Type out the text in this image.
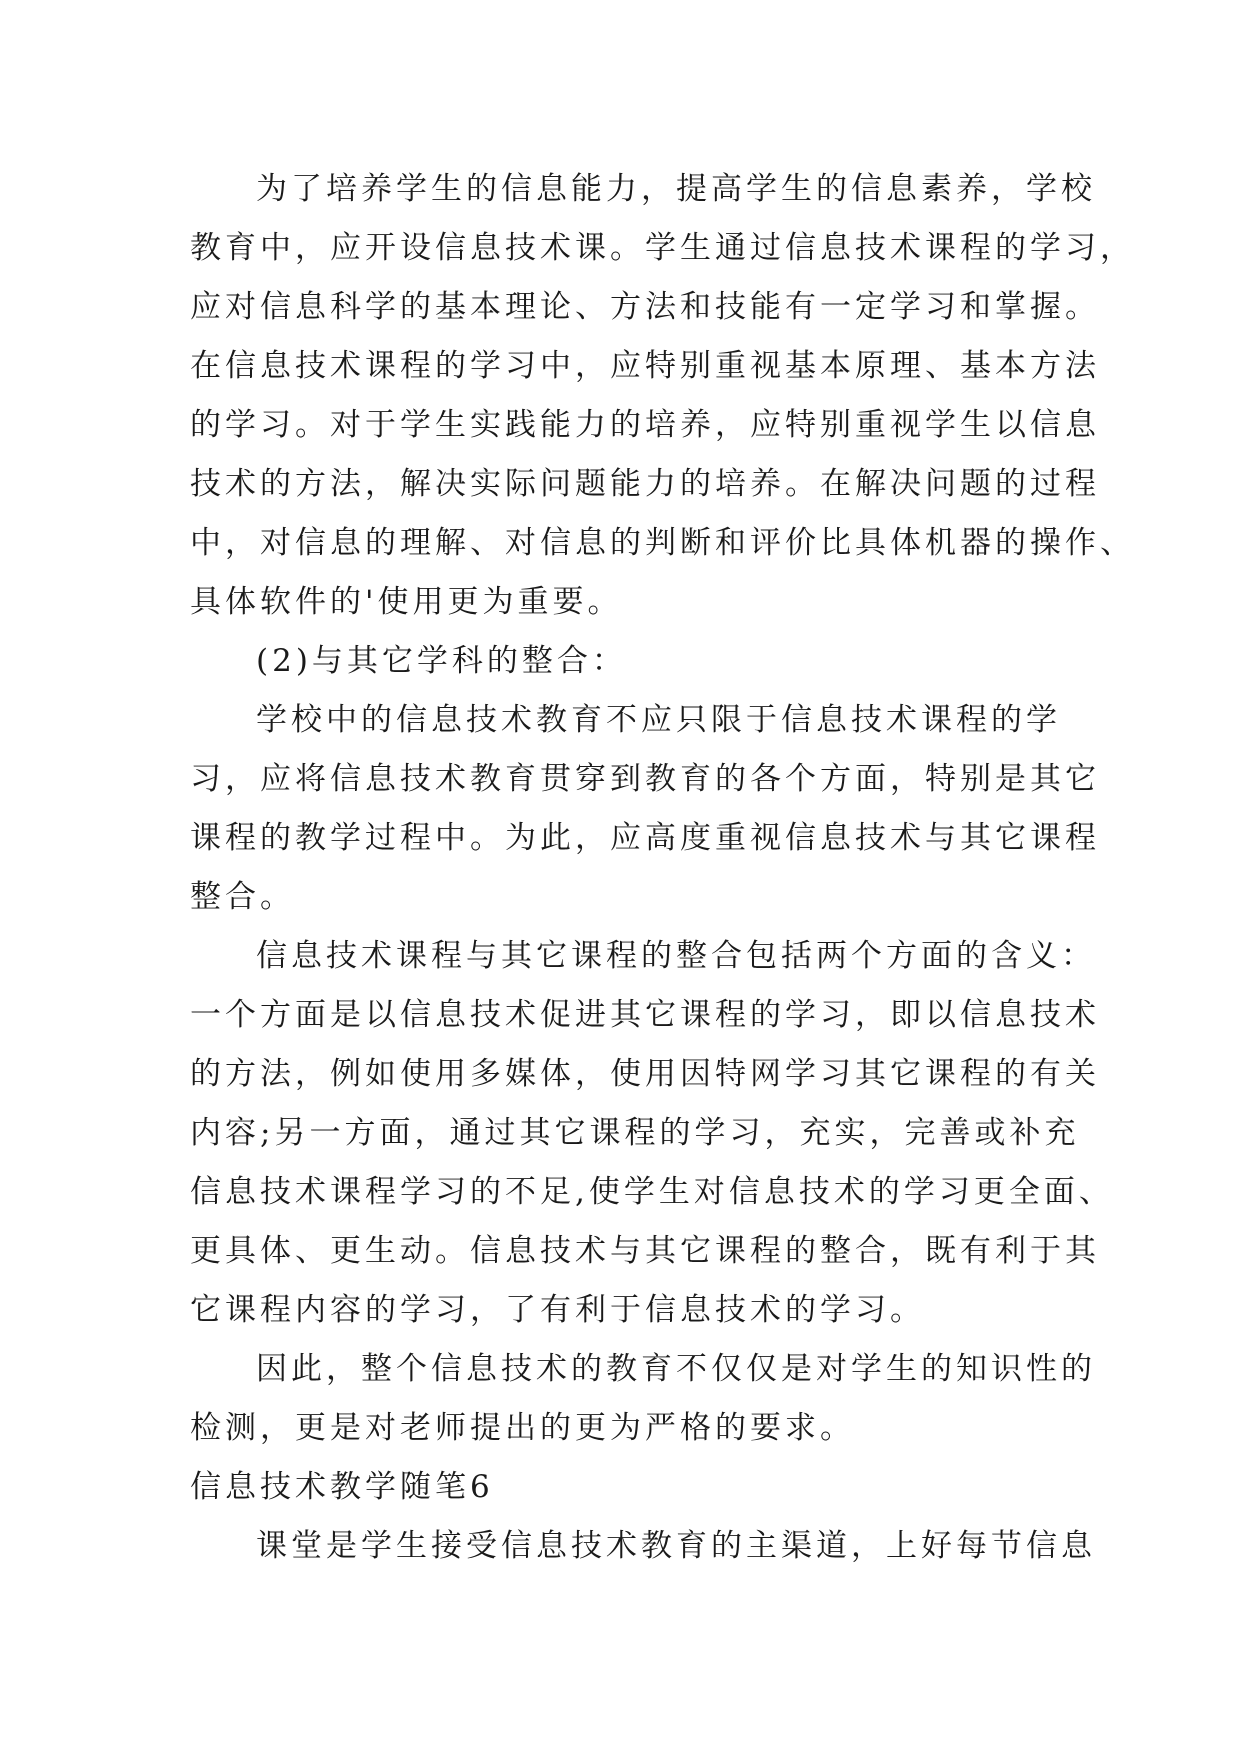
为了培养学生的信息能力，提高学生的信息素养，学校
教育中，应开设信息技术课。学生通过信息技术课程的学习，
应对信息科学的基本理论、方法和技能有一定学习和掌握。
在信息技术课程的学习中，应特别重视基本原理、基本方法
的学习。对于学生实践能力的培养，应特别重视学生以信息
技术的方法，解决实际问题能力的培养。在解决问题的过程
中，对信息的理解、对信息的判断和评价比具体机器的操作、
具体软件的'使用更为重要。
(2)与其它学科的整合：
学校中的信息技术教育不应只限于信息技术课程的学
习，应将信息技术教育贯穿到教育的各个方面，特别是其它
课程的教学过程中。为此，应高度重视信息技术与其它课程
整合。
信息技术课程与其它课程的整合包括两个方面的含义：
一个方面是以信息技术促进其它课程的学习，即以信息技术
的方法，例如使用多媒体，使用因特网学习其它课程的有关
内容;另一方面，通过其它课程的学习，充实，完善或补充
信息技术课程学习的不足,使学生对信息技术的学习更全面、
更具体、更生动。信息技术与其它课程的整合，既有利于其
它课程内容的学习，了有利于信息技术的学习。
因此，整个信息技术的教育不仅仅是对学生的知识性的
检测，更是对老师提出的更为严格的要求。
信息技术教学随笔6
课堂是学生接受信息技术教育的主渠道，上好每节信息
